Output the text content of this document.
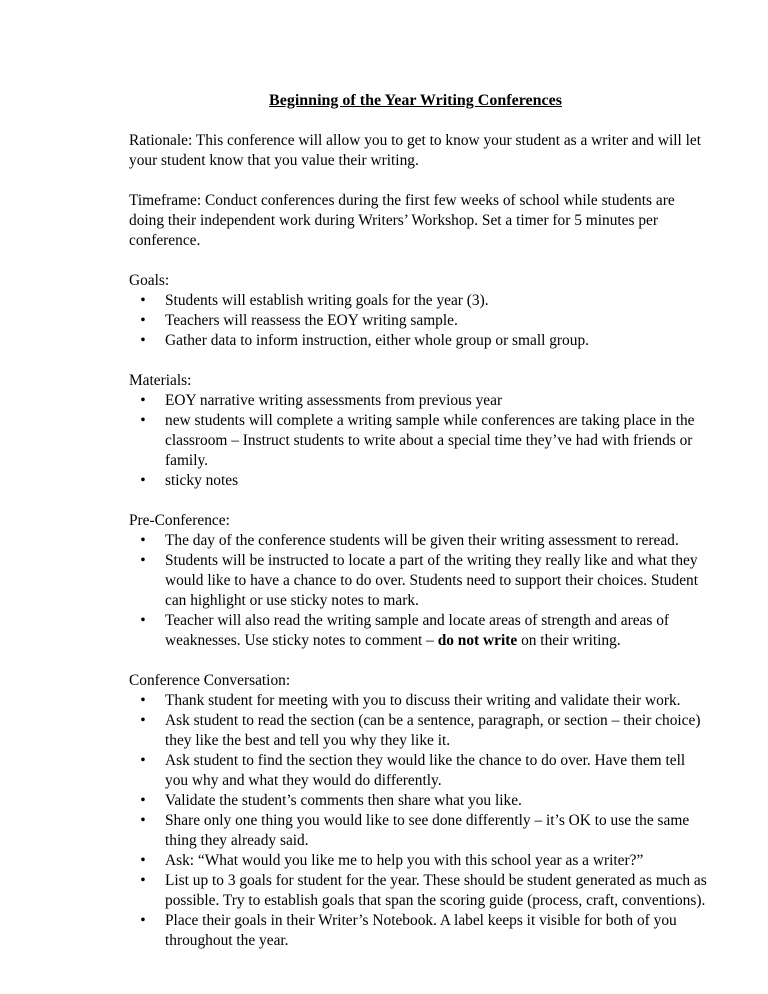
Beginning of the Year Writing Conferences

Rationale: This conference will allow you to get to know your student as a writer and will let your student know that you value their writing.

Timeframe: Conduct conferences during the first few weeks of school while students are doing their independent work during Writers’ Workshop. Set a timer for 5 minutes per conference.

Goals:
• Students will establish writing goals for the year (3).
• Teachers will reassess the EOY writing sample.
• Gather data to inform instruction, either whole group or small group.
Materials:
• EOY narrative writing assessments from previous year
• new students will complete a writing sample while conferences are taking place in the classroom – Instruct students to write about a special time they’ve had with friends or family.
• sticky notes
Pre-Conference:
• The day of the conference students will be given their writing assessment to reread.
• Students will be instructed to locate a part of the writing they really like and what they would like to have a chance to do over. Students need to support their choices. Student can highlight or use sticky notes to mark.
• Teacher will also read the writing sample and locate areas of strength and areas of weaknesses. Use sticky notes to comment – do not write on their writing.
Conference Conversation:
• Thank student for meeting with you to discuss their writing and validate their work.
• Ask student to read the section (can be a sentence, paragraph, or section – their choice) they like the best and tell you why they like it.
• Ask student to find the section they would like the chance to do over. Have them tell you why and what they would do differently.
• Validate the student’s comments then share what you like.
• Share only one thing you would like to see done differently – it’s OK to use the same thing they already said.
• Ask: “What would you like me to help you with this school year as a writer?”
• List up to 3 goals for student for the year. These should be student generated as much as possible. Try to establish goals that span the scoring guide (process, craft, conventions).
• Place their goals in their Writer’s Notebook. A label keeps it visible for both of you throughout the year.
